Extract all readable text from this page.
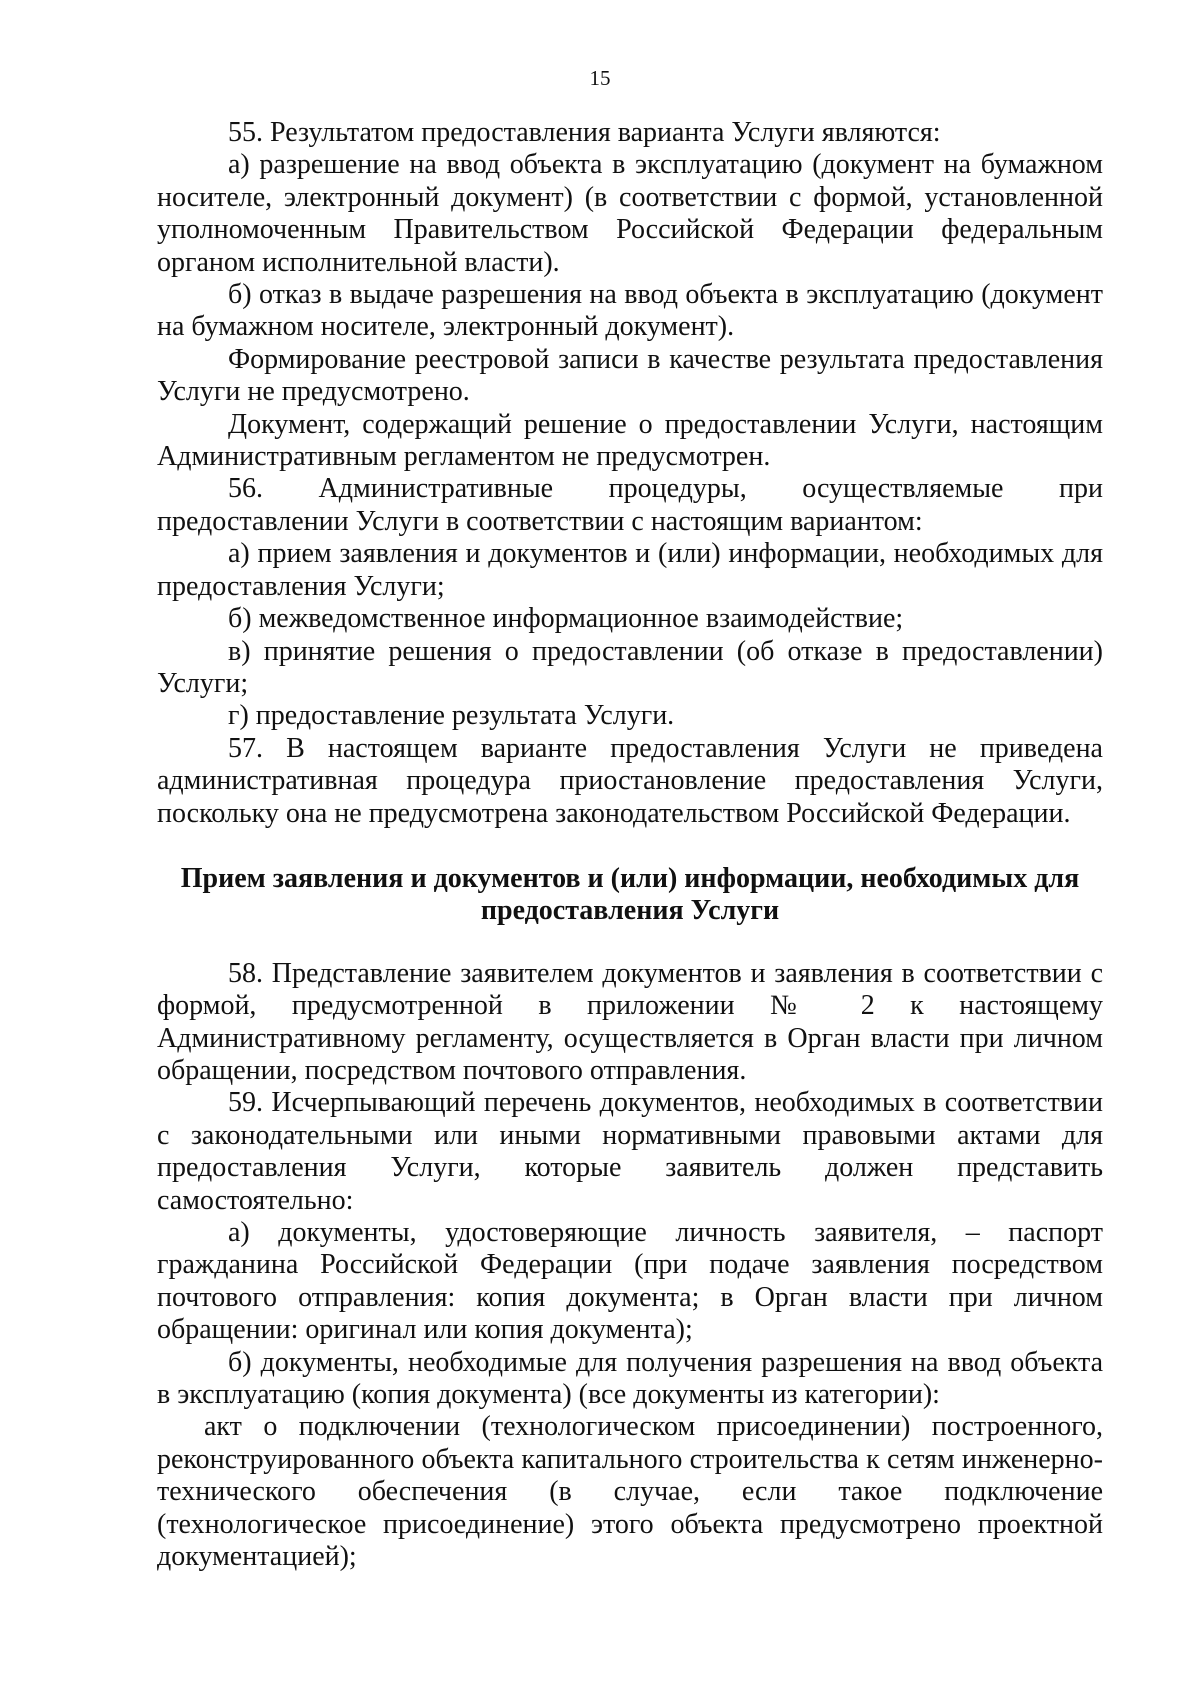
15

55. Результатом предоставления варианта Услуги являются:

а) разрешение на ввод объекта в эксплуатацию (документ на бумажном носителе, электронный документ) (в соответствии с формой, установленной уполномоченным Правительством Российской Федерации федеральным органом исполнительной власти).

б) отказ в выдаче разрешения на ввод объекта в эксплуатацию (документ на бумажном носителе, электронный документ).

Формирование реестровой записи в качестве результата предоставления Услуги не предусмотрено.

Документ, содержащий решение о предоставлении Услуги, настоящим Административным регламентом не предусмотрен.

56. Административные процедуры, осуществляемые при предоставлении Услуги в соответствии с настоящим вариантом:

а) прием заявления и документов и (или) информации, необходимых для предоставления Услуги;

б) межведомственное информационное взаимодействие;

в) принятие решения о предоставлении (об отказе в предоставлении) Услуги;

г) предоставление результата Услуги.

57. В настоящем варианте предоставления Услуги не приведена административная процедура приостановление предоставления Услуги, поскольку она не предусмотрена законодательством Российской Федерации.

Прием заявления и документов и (или) информации, необходимых для
предоставления Услуги

58. Представление заявителем документов и заявления в соответствии с формой, предусмотренной в приложении № 2 к настоящему Административному регламенту, осуществляется в Орган власти при личном обращении, посредством почтового отправления.

59. Исчерпывающий перечень документов, необходимых в соответствии с законодательными или иными нормативными правовыми актами для предоставления Услуги, которые заявитель должен представить самостоятельно:

а) документы, удостоверяющие личность заявителя, – паспорт гражданина Российской Федерации (при подаче заявления посредством почтового отправления: копия документа; в Орган власти при личном обращении: оригинал или копия документа);

б) документы, необходимые для получения разрешения на ввод объекта в эксплуатацию (копия документа) (все документы из категории):

акт о подключении (технологическом присоединении) построенного, реконструированного объекта капитального строительства к сетям инженерно-технического обеспечения (в случае, если такое подключение (технологическое присоединение) этого объекта предусмотрено проектной документацией);
